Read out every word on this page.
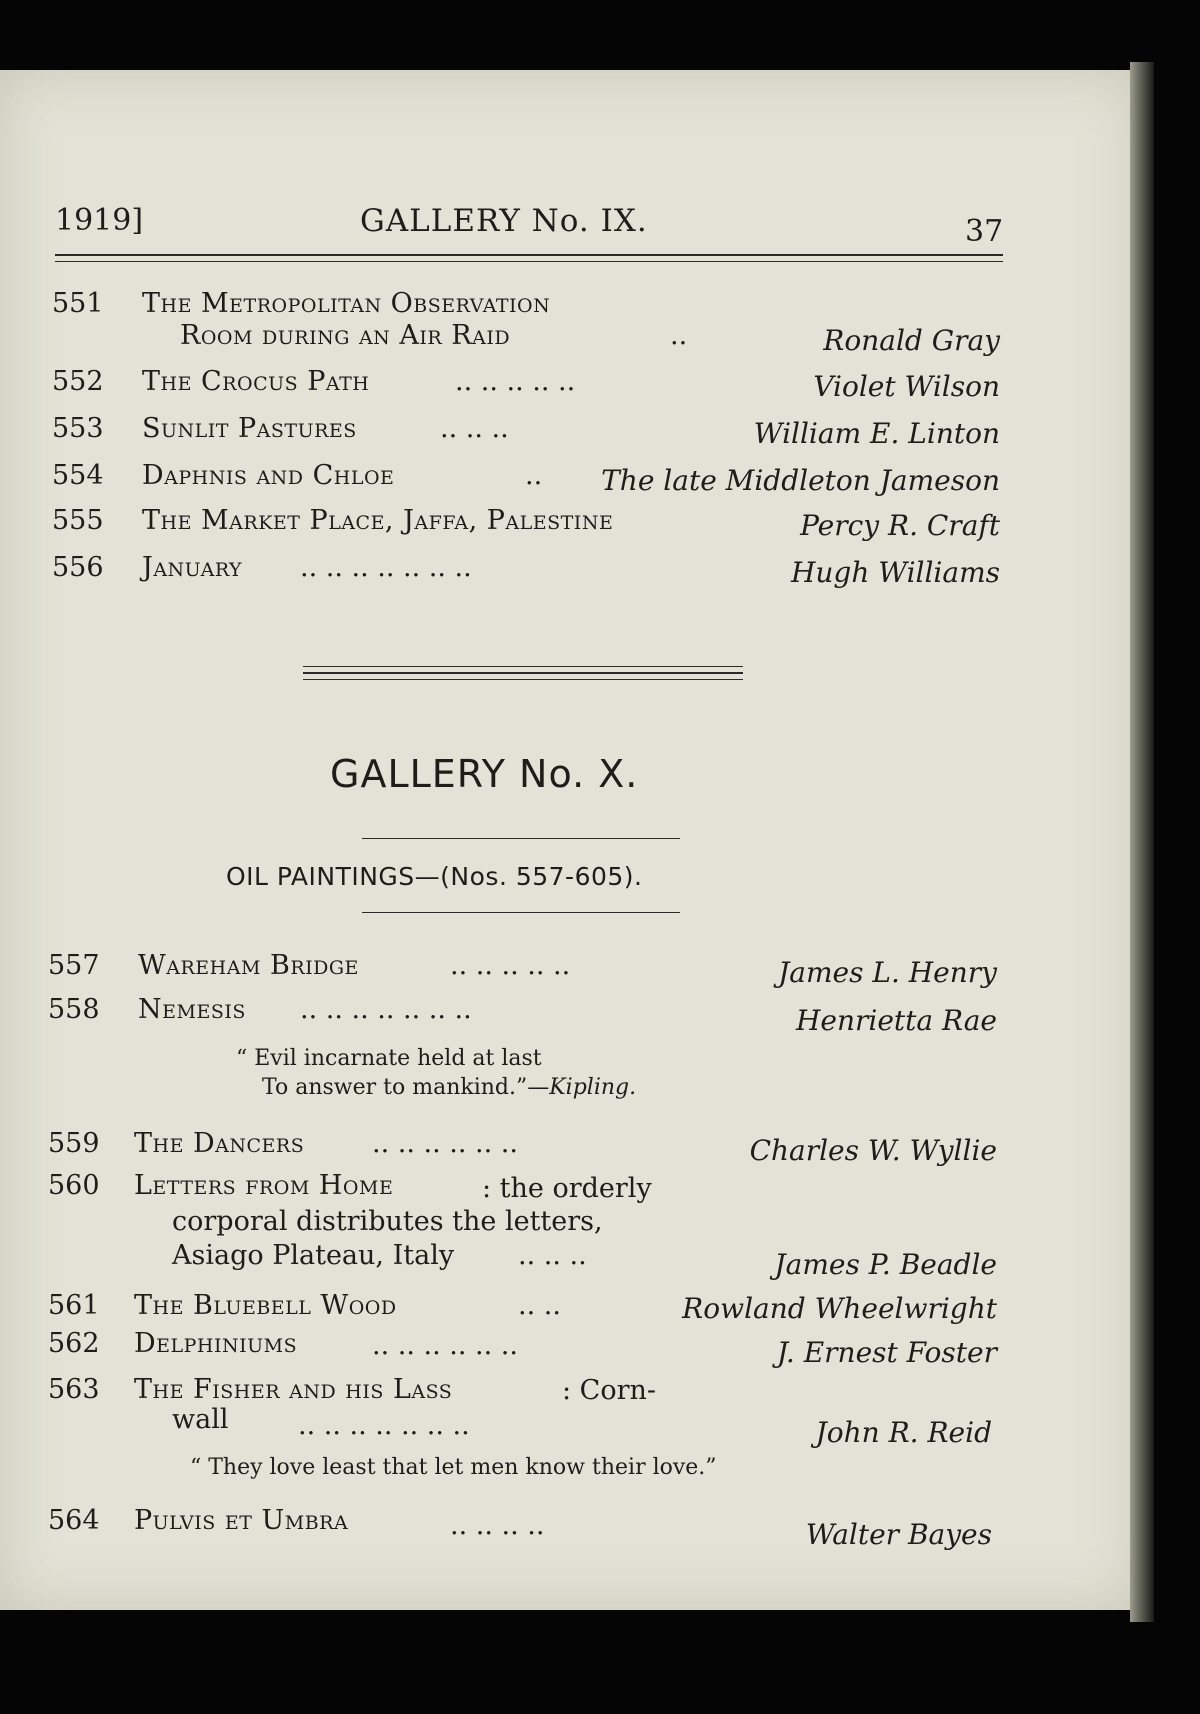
1919]	GALLERY No. IX.	37
551 The Metropolitan Observation
Room during an Air Raid	..	Ronald Gray
552 The Crocus Path	.. .. .. .. ..	Violet Wilson
553 Sunlit Pastures	.. .. ..	William E. Linton
554 Daphnis and Chloe	.. The late Middleton Jameson
555 The Market Place, Jaffa, Palestine	Percy R. Craft
556 January .. .. .. .. .. .. ..	Hugh Williams
GALLERY No. X.
OIL PAINTINGS—(Nos. 557-605).
557 Wareham Bridge	.. .. .. .. ..	James L. Henry
558 Nemesis .. .. .. .. .. .. ..	Henrietta Rae
“ Evil incarnate held at last
To answer to mankind.”—Kipling.
559 The Dancers	.. .. .. .. .. ..	Charles W. Wyllie
560 Letters from Home	: the orderly
corporal distributes the letters,
Asiago Plateau, Italy .. .. ..	James P. Beadle
561 The Bluebell Wood	.. ..	Rowland Wheelwright
562 Delphiniums	.. .. .. .. .. ..	J. Ernest Foster
563 The Fisher and his Lass	: Corn-
wall	.. .. .. .. .. .. ..	John R. Reid
“ They love least that let men know their love.”
564 Pulvis et Umbra	.. .. .. ..	Walter Bayes
